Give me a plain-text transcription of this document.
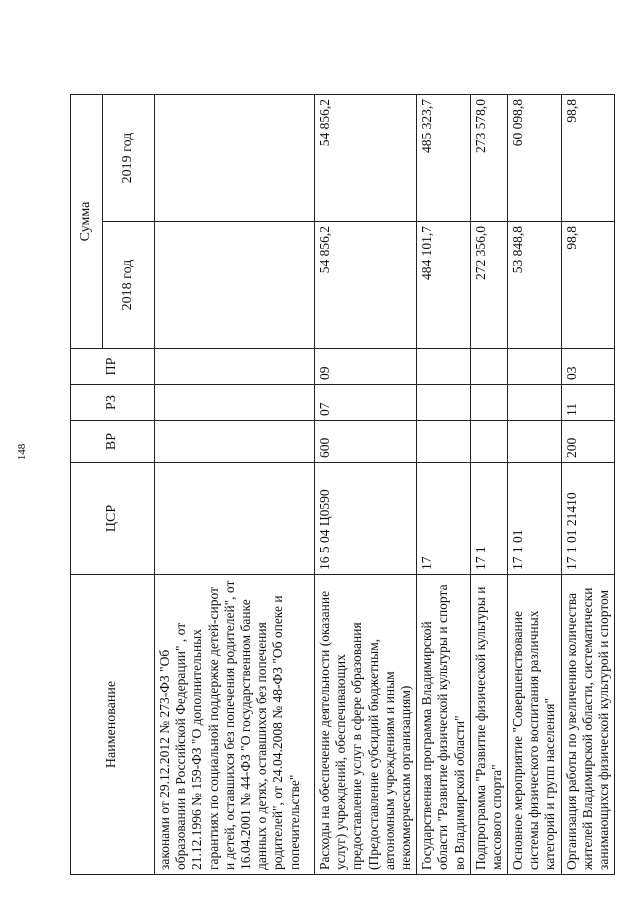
148
Наименование	ЦСР	ВР	РЗ	ПР	Сумма	
					2018 год	2019 год
законами от 29.12.2012 № 273-ФЗ "Об образовании в Российской Федерации" , от 21.12.1996 № 159-ФЗ "О дополнительных гарантиях по социальной поддержке детей-сирот и детей, оставшихся без попечения родителей", от 16.04.2001 № 44-ФЗ "О государственном банке данных о детях, оставшихся без попечения родителей", от 24.04.2008 № 48-ФЗ "Об опеке и попечительстве"						
Расходы на обеспечение деятельности (оказание услуг) учреждений, обеспечивающих предоставление услуг в сфере образования (Предоставление субсидий бюджетным, автономным учреждениям и иным некоммерческим организациям)	16 5 04 Ц0590	600	07	09	54 856,2	54 856,2
Государственная программа Владимирской области "Развитие физической культуры и спорта во Владимирской области"	17				484 101,7	485 323,7
Подпрограмма "Развитие физической культуры и массового спорта"	17 1				272 356,0	273 578,0
Основное мероприятие "Совершенствование системы физического воспитания различных категорий и групп населения"	17 1 01				53 848,8	60 098,8
Организация работы по увеличению количества жителей Владимирской области, систематически занимающихся физической культурой и спортом	17 1 01 21410	200	11	03	98,8	98,8
